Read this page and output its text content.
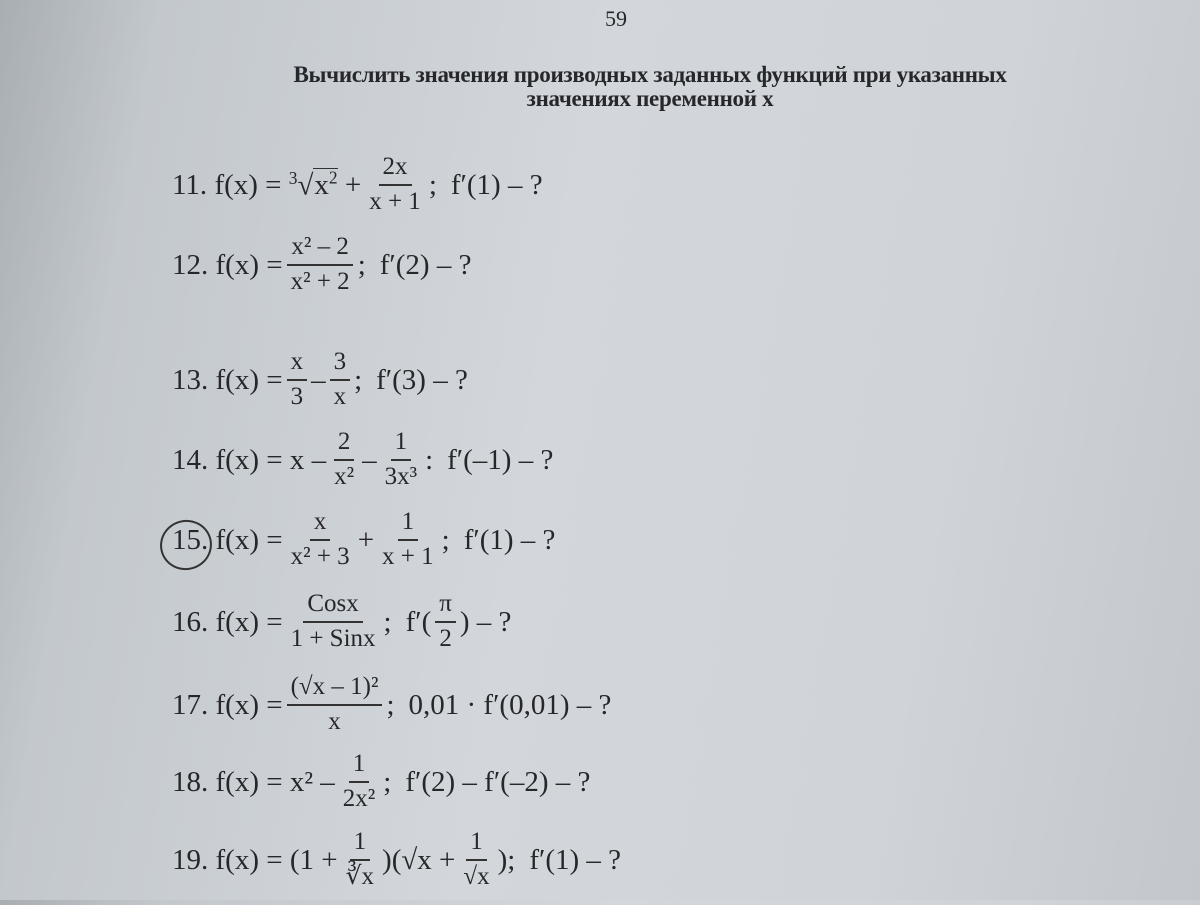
59
Вычислить значения производных заданных функций при указанных
значениях переменной x
11.
f(x) =
$^3√x^2$
+ $\frac{2x}{x + 1}$ ; f′(1) – ?
12.
$f(x) = \frac{\text{x² – 2}}{\text{x² + 2}}$ ; f′(2) – ?
13.
$f(x) = \frac{x}{3} - \frac{3}{x}$ ; f′(3) – ?
14.
$f(x) = x - \frac{2}{\text{x²}} - \frac{1}{\text{3x³}}$ : f′(–1) – ?
15.
$f(x) = \frac{x}{\text{x² + 3}} + \frac{1}{x + 1}$ ; f′(1) – ?
16.
$f(x) = \frac{\text{Cosx}}{\text{1 + Sinx}}$ ; $f'( \frac{\pi}{2}$ ) – ?
17.
$f(x) = \frac{\text{(√x – 1)²}}{x}$ ; 0,01 · f′(0,01) – ?
18.
$f(x) = x^2 - \frac{1}{\text{2x²}}$ ; f′(2) – f′(–2) – ?
19.
$f(x) = (1 + \frac{1}{∛x} )(√x + \frac{1}{√x}$ ); f′(1) – ?
